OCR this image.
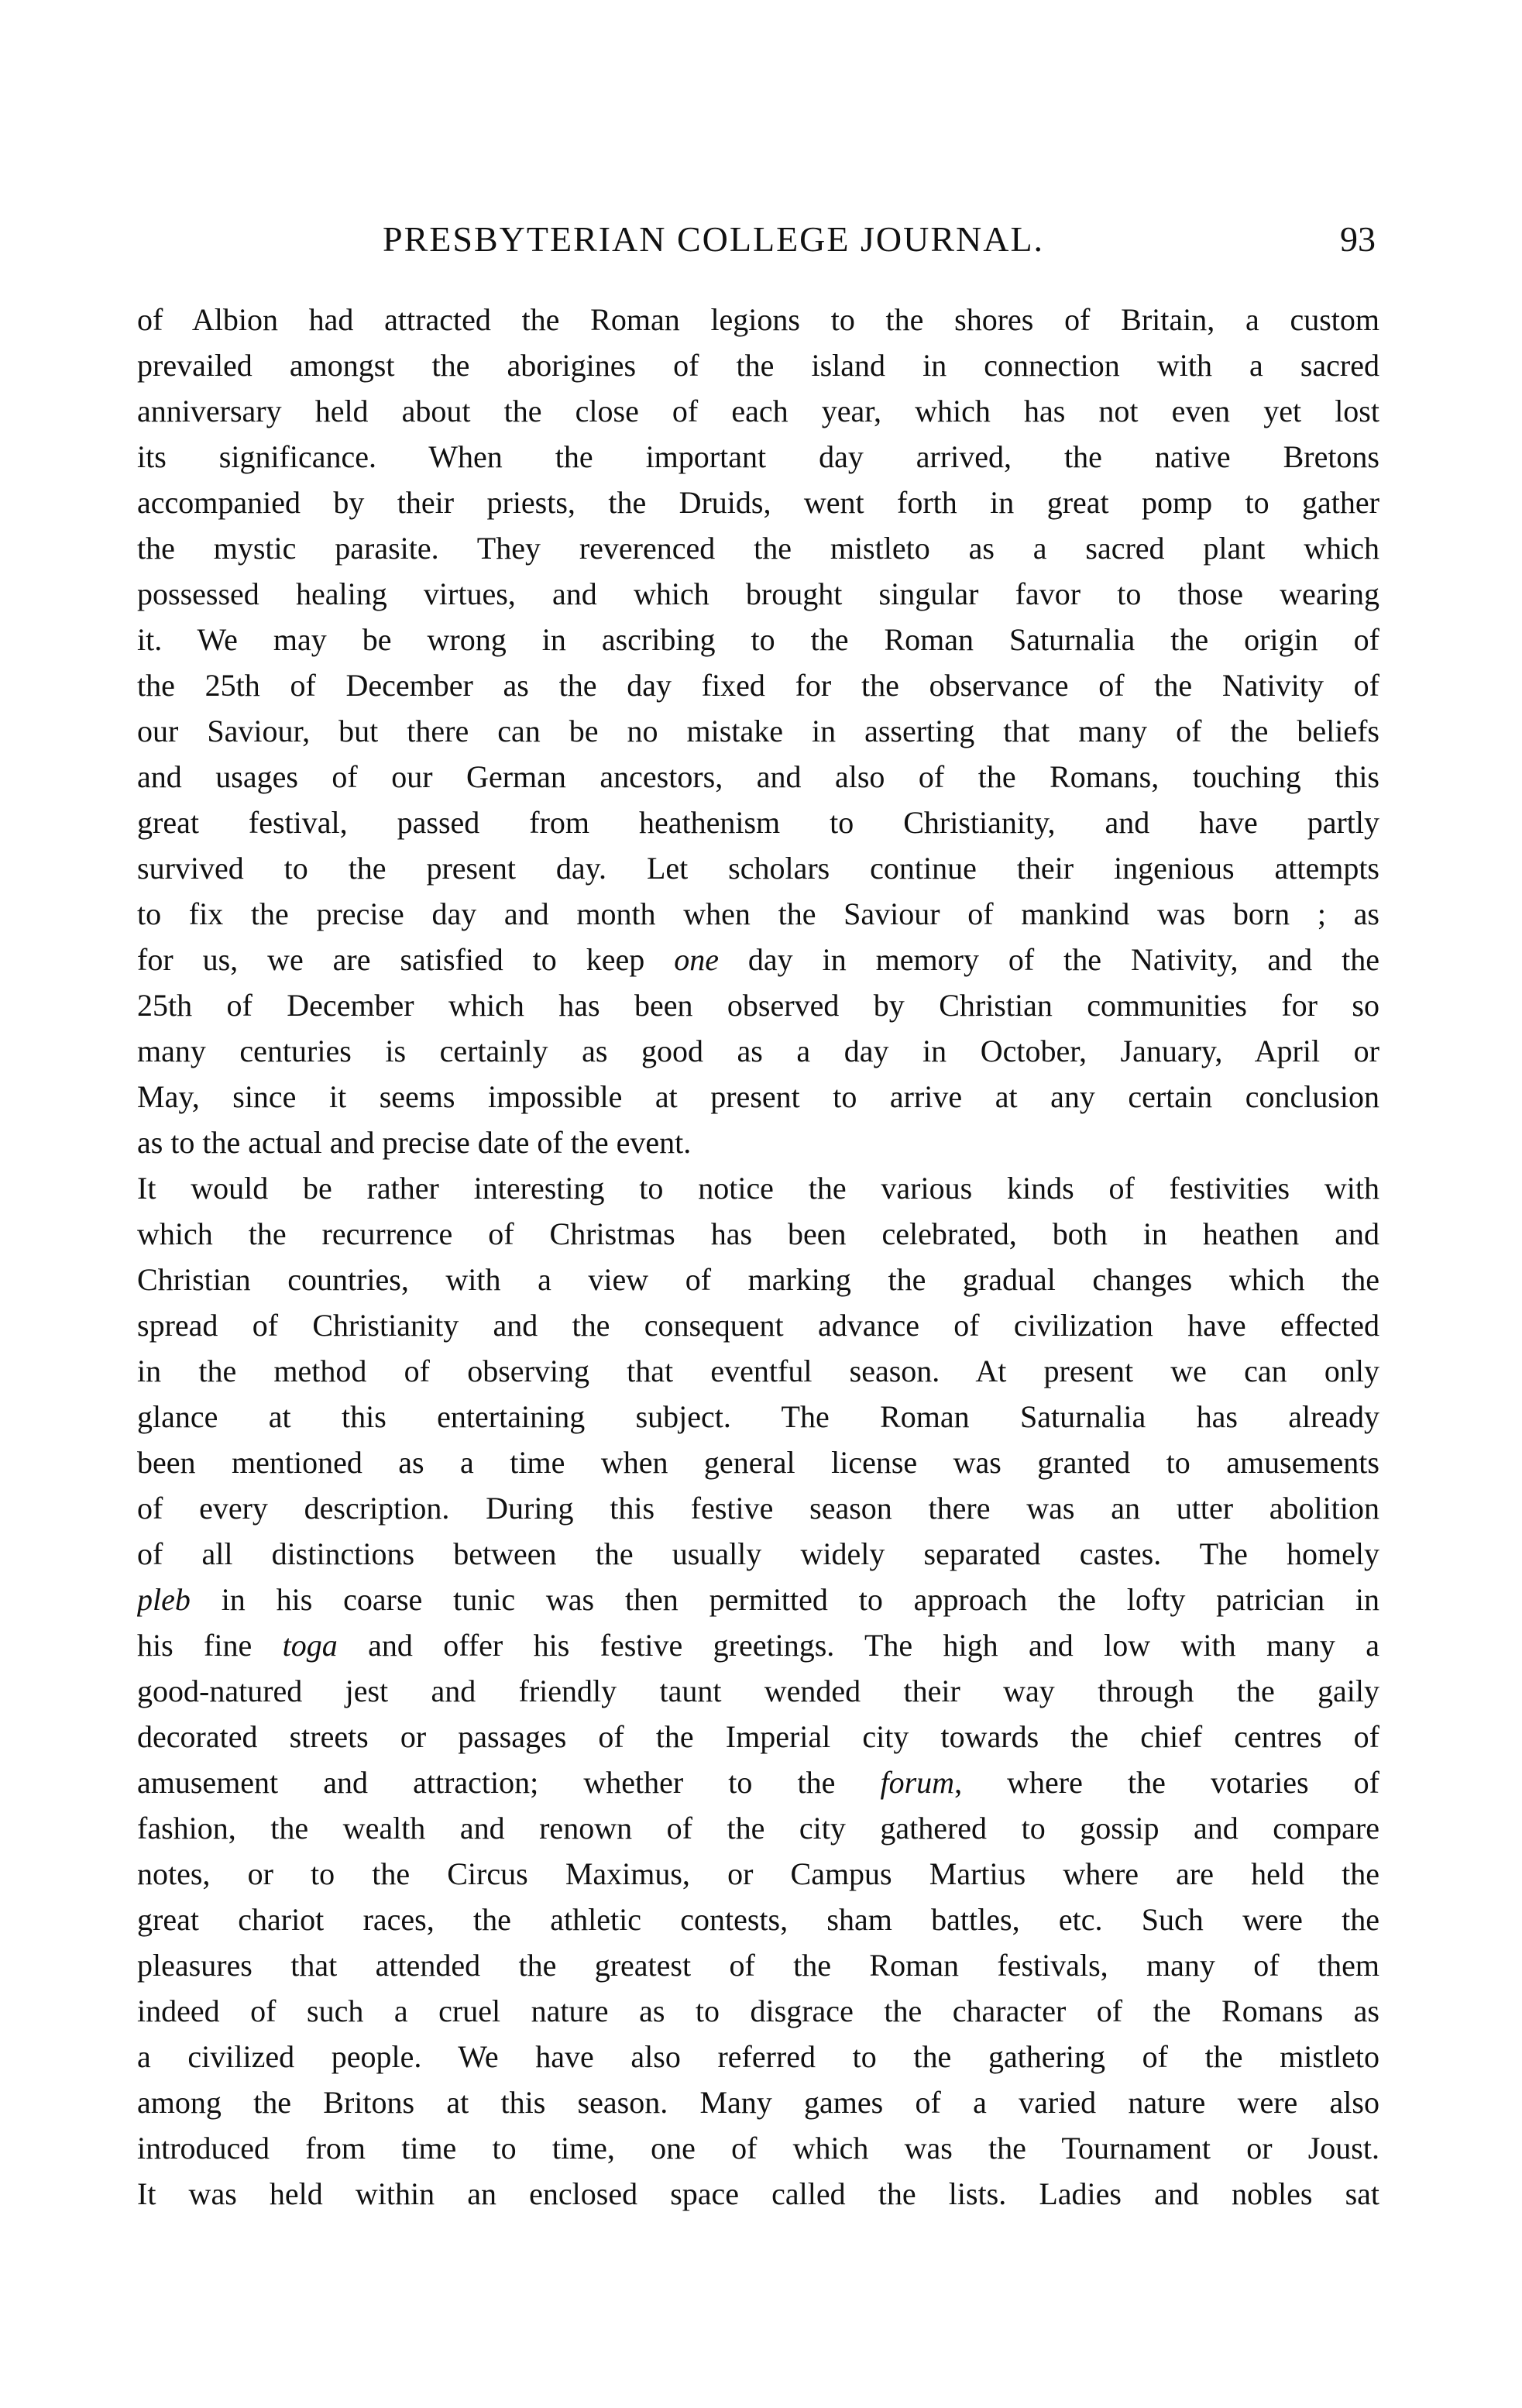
PRESBYTERIAN COLLEGE JOURNAL.	93
of Albion had attracted the Roman legions to the shores of Britain, a custom
prevailed amongst the aborigines of the island in connection with a sacred
anniversary held about the close of each year, which has not even yet lost
its significance. When the important day arrived, the native Bretons
accompanied by their priests, the Druids, went forth in great pomp to gather
the mystic parasite. They reverenced the mistleto as a sacred plant which
possessed healing virtues, and which brought singular favor to those wearing
it. We may be wrong in ascribing to the Roman Saturnalia the origin of
the 25th of December as the day fixed for the observance of the Nativity of
our Saviour, but there can be no mistake in asserting that many of the beliefs
and usages of our German ancestors, and also of the Romans, touching this
great festival, passed from heathenism to Christianity, and have partly
survived to the present day. Let scholars continue their ingenious attempts
to fix the precise day and month when the Saviour of mankind was born ; as
for us, we are satisfied to keep one day in memory of the Nativity, and the
25th of December which has been observed by Christian communities for so
many centuries is certainly as good as a day in October, January, April or
May, since it seems impossible at present to arrive at any certain conclusion
as to the actual and precise date of the event.
It would be rather interesting to notice the various kinds of festivities with
which the recurrence of Christmas has been celebrated, both in heathen and
Christian countries, with a view of marking the gradual changes which the
spread of Christianity and the consequent advance of civilization have effected
in the method of observing that eventful season. At present we can only
glance at this entertaining subject. The Roman Saturnalia has already
been mentioned as a time when general license was granted to amusements
of every description. During this festive season there was an utter abolition
of all distinctions between the usually widely separated castes. The homely
pleb in his coarse tunic was then permitted to approach the lofty patrician in
his fine toga and offer his festive greetings. The high and low with many a
good-natured jest and friendly taunt wended their way through the gaily
decorated streets or passages of the Imperial city towards the chief centres of
amusement and attraction; whether to the forum, where the votaries of
fashion, the wealth and renown of the city gathered to gossip and compare
notes, or to the Circus Maximus, or Campus Martius where are held the
great chariot races, the athletic contests, sham battles, etc. Such were the
pleasures that attended the greatest of the Roman festivals, many of them
indeed of such a cruel nature as to disgrace the character of the Romans as
a civilized people. We have also referred to the gathering of the mistleto
among the Britons at this season. Many games of a varied nature were also
introduced from time to time, one of which was the Tournament or Joust.
It was held within an enclosed space called the lists. Ladies and nobles sat
